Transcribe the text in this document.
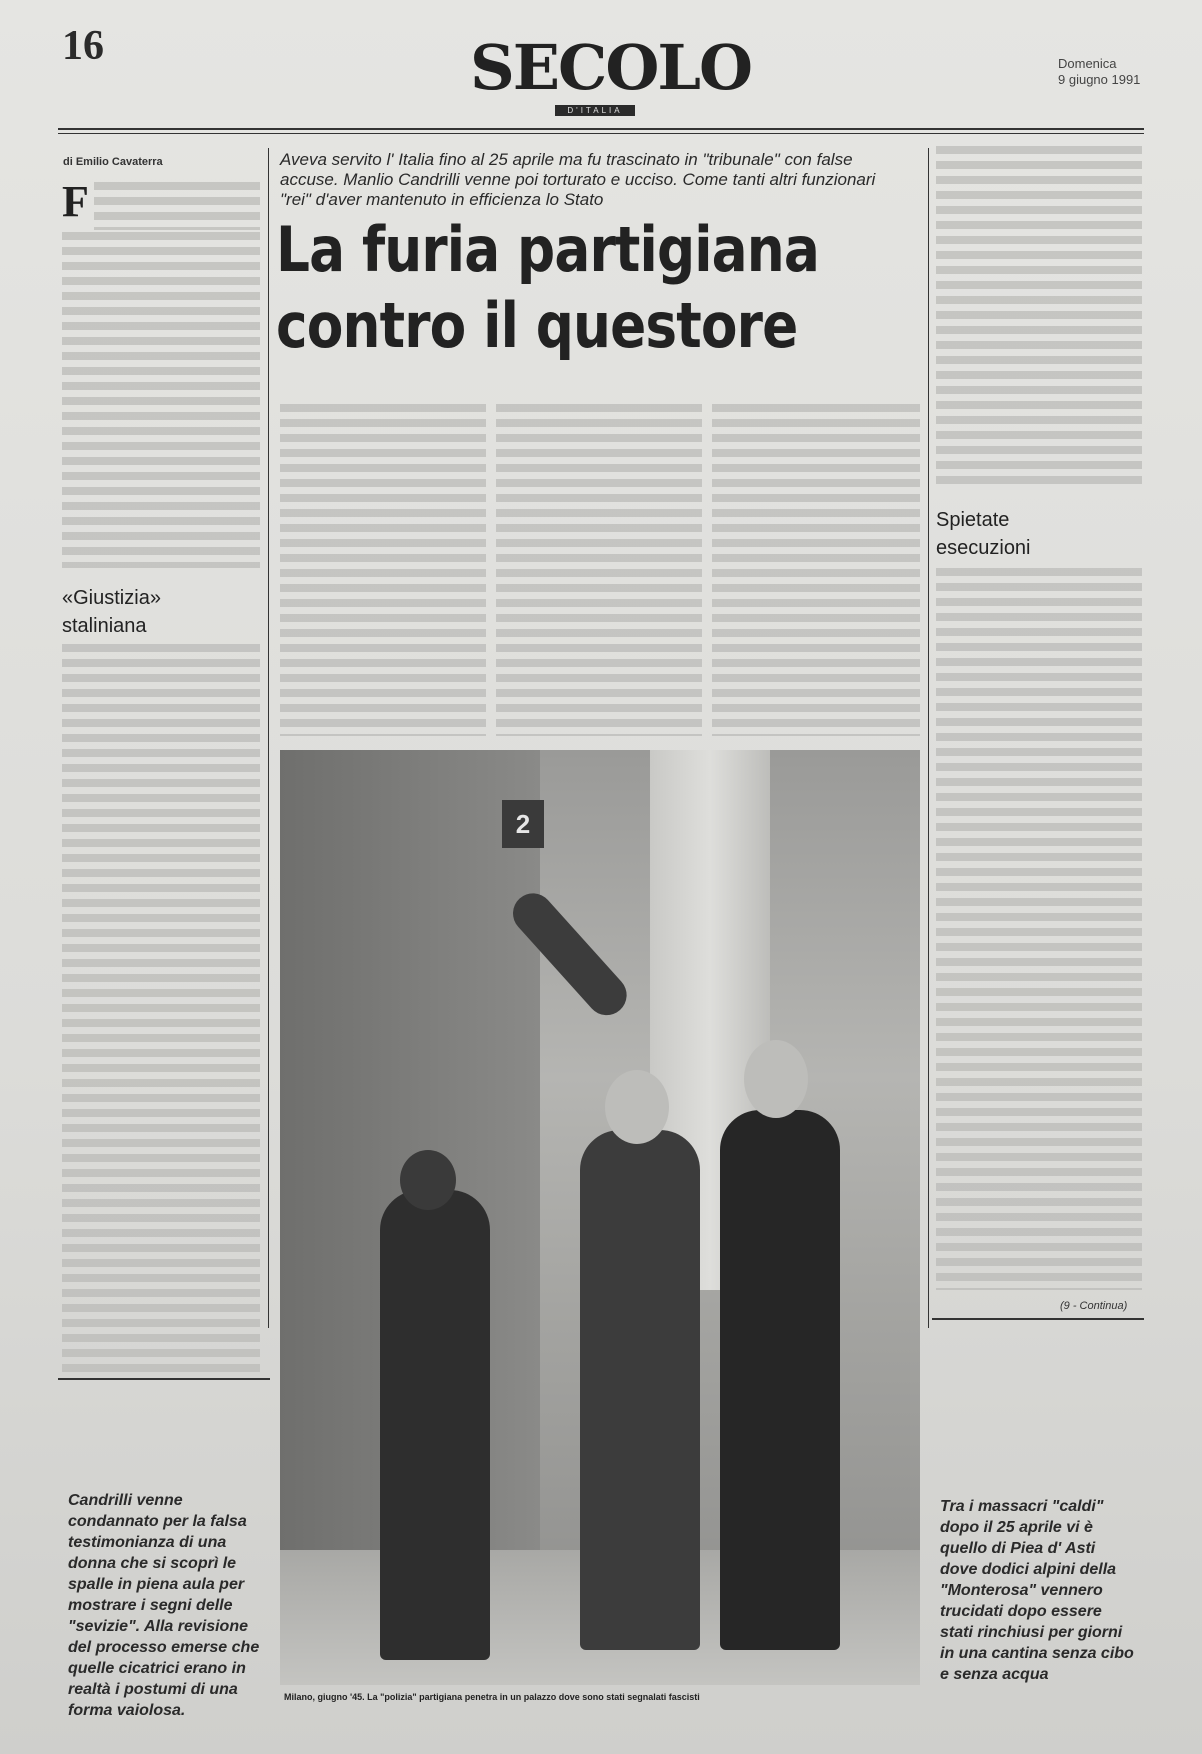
16	SECOLO
D'ITALIA
Domenica
9 giugno 1991
di Emilio Cavaterra	Aveva servito l' Italia fino al 25 aprile ma fu trascinato in "tribunale" con false accuse. Manlio Candrilli venne poi torturato e ucciso. Come tanti altri funzionari "rei" d'aver mantenuto in efficienza lo Stato
La furia partigiana
contro il questore
F
«Giustizia»
staliniana
Spietate
esecuzioni
(9 - Continua)
2
Milano, giugno '45. La "polizia" partigiana penetra in un palazzo dove sono stati segnalati fascisti
Candrilli venne condannato per la falsa testimonianza di una donna che si scoprì le spalle in piena aula per mostrare i segni delle "sevizie". Alla revisione del processo emerse che quelle cicatrici erano in realtà i postumi di una forma vaiolosa.
Tra i massacri "caldi" dopo il 25 aprile vi è quello di Piea d' Asti dove dodici alpini della "Monterosa" vennero trucidati dopo essere stati rinchiusi per giorni in una cantina senza cibo e senza acqua
